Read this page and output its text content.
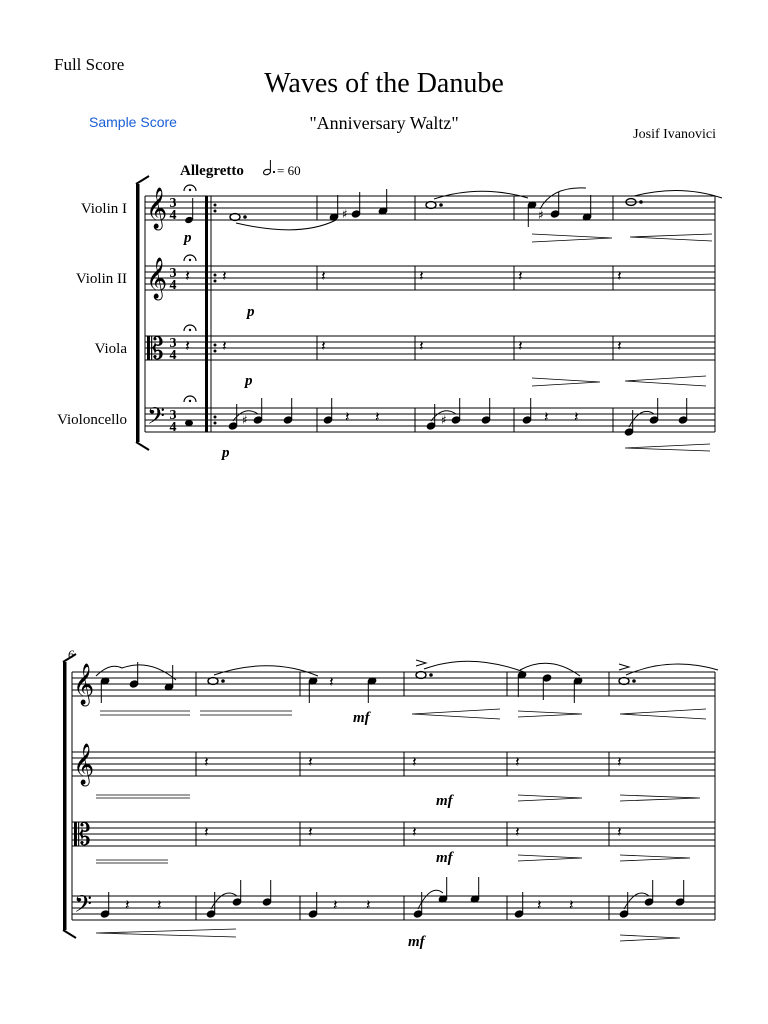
Full Score
Waves of the Danube
"Anniversary Waltz"
Sample Score
Josif Ivanovici
Allegretto	= 60
Violin I
Violin II
Viola
Violoncello
𝄞
𝄞
𝄡
𝄢
3
4
3
4
3
4
3
4
𝄽
𝄽
♯	♯
p
𝄽	𝄽	𝄽	𝄽	𝄽
p
𝄽	𝄽	𝄽	𝄽	𝄽
p
♯	𝄽 𝄽	♯	𝄽 𝄽
p
6
𝄞
𝄞
𝄡
𝄢
𝄽
mf
𝄽	𝄽	𝄽	𝄽	𝄽
mf
𝄽	𝄽	𝄽	𝄽	𝄽
mf
𝄽 𝄽	𝄽 𝄽	𝄽 𝄽
mf
